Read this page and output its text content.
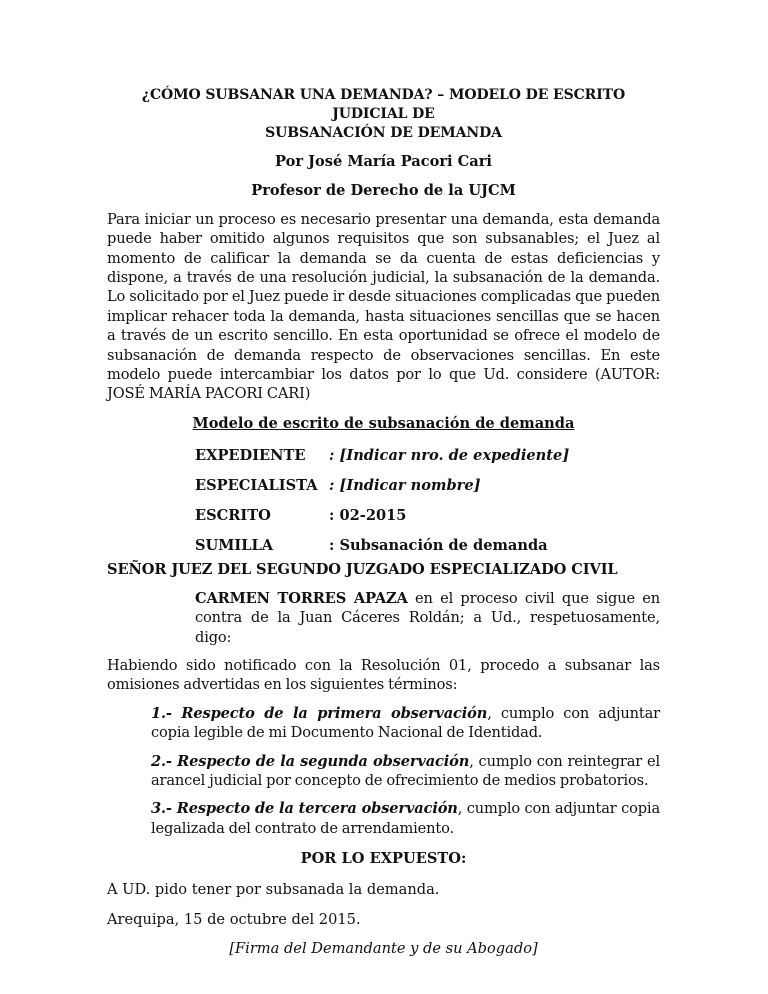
¿CÓMO SUBSANAR UNA DEMANDA? – MODELO DE ESCRITO JUDICIAL DE
SUBSANACIÓN DE DEMANDA

Por José María Pacori Cari
Profesor de Derecho de la UJCM
Para iniciar un proceso es necesario presentar una demanda, esta demanda puede haber omitido algunos requisitos que son subsanables; el Juez al momento de calificar la demanda se da cuenta de estas deficiencias y dispone, a través de una resolución judicial, la subsanación de la demanda. Lo solicitado por el Juez puede ir desde situaciones complicadas que pueden implicar rehacer toda la demanda, hasta situaciones sencillas que se hacen a través de un escrito sencillo. En esta oportunidad se ofrece el modelo de subsanación de demanda respecto de observaciones sencillas. En este modelo puede intercambiar los datos por lo que Ud. considere (AUTOR: JOSÉ MARÍA PACORI CARI)
Modelo de escrito de subsanación de demanda
EXPEDIENTE	: [Indicar nro. de expediente]
ESPECIALISTA : [Indicar nombre]
ESCRITO	: 02-2015
SUMILLA	: Subsanación de demanda
SEÑOR JUEZ DEL SEGUNDO JUZGADO ESPECIALIZADO CIVIL
CARMEN TORRES APAZA en el proceso civil que sigue en contra de la Juan Cáceres Roldán; a Ud., respetuosamente, digo:
Habiendo sido notificado con la Resolución 01, procedo a subsanar las omisiones advertidas en los siguientes términos:
1.- Respecto de la primera observación, cumplo con adjuntar copia legible de mi Documento Nacional de Identidad.
2.- Respecto de la segunda observación, cumplo con reintegrar el arancel judicial por concepto de ofrecimiento de medios probatorios.
3.- Respecto de la tercera observación, cumplo con adjuntar copia legalizada del contrato de arrendamiento.
POR LO EXPUESTO:
A UD. pido tener por subsanada la demanda.
Arequipa, 15 de octubre del 2015.
[Firma del Demandante y de su Abogado]
